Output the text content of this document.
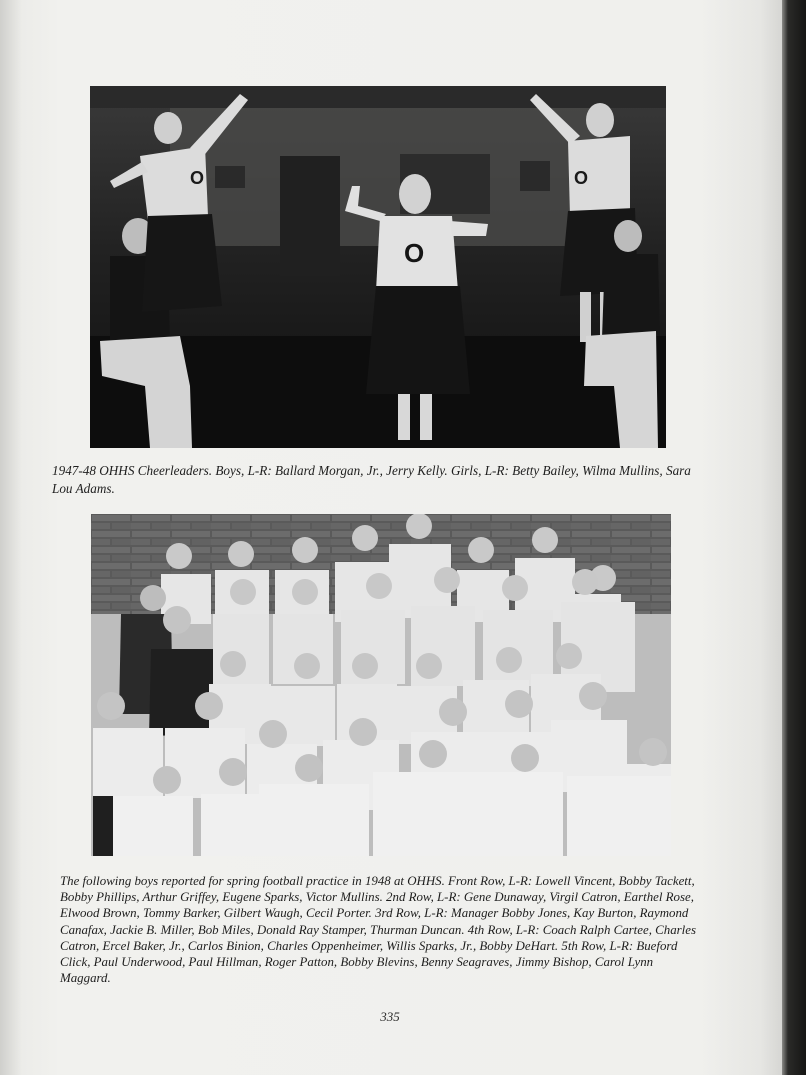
O
O
O

1947-48 OHHS Cheerleaders. Boys, L-R: Ballard Morgan, Jr., Jerry Kelly. Girls, L-R: Betty Bailey, Wilma Mullins, Sara Lou Adams.

The following boys reported for spring football practice in 1948 at OHHS. Front Row, L-R: Lowell Vincent, Bobby Tackett, Bobby Phillips, Arthur Griffey, Eugene Sparks, Victor Mullins. 2nd Row, L-R: Gene Dunaway, Virgil Catron, Earthel Rose, Elwood Brown, Tommy Barker, Gilbert Waugh, Cecil Porter. 3rd Row, L-R: Manager Bobby Jones, Kay Burton, Raymond Canafax, Jackie B. Miller, Bob Miles, Donald Ray Stamper, Thurman Duncan. 4th Row, L-R: Coach Ralph Cartee, Charles Catron, Ercel Baker, Jr., Carlos Binion, Charles Oppenheimer, Willis Sparks, Jr., Bobby DeHart. 5th Row, L-R: Bueford Click, Paul Underwood, Paul Hillman, Roger Patton, Bobby Blevins, Benny Seagraves, Jimmy Bishop, Carol Lynn Maggard.

335
